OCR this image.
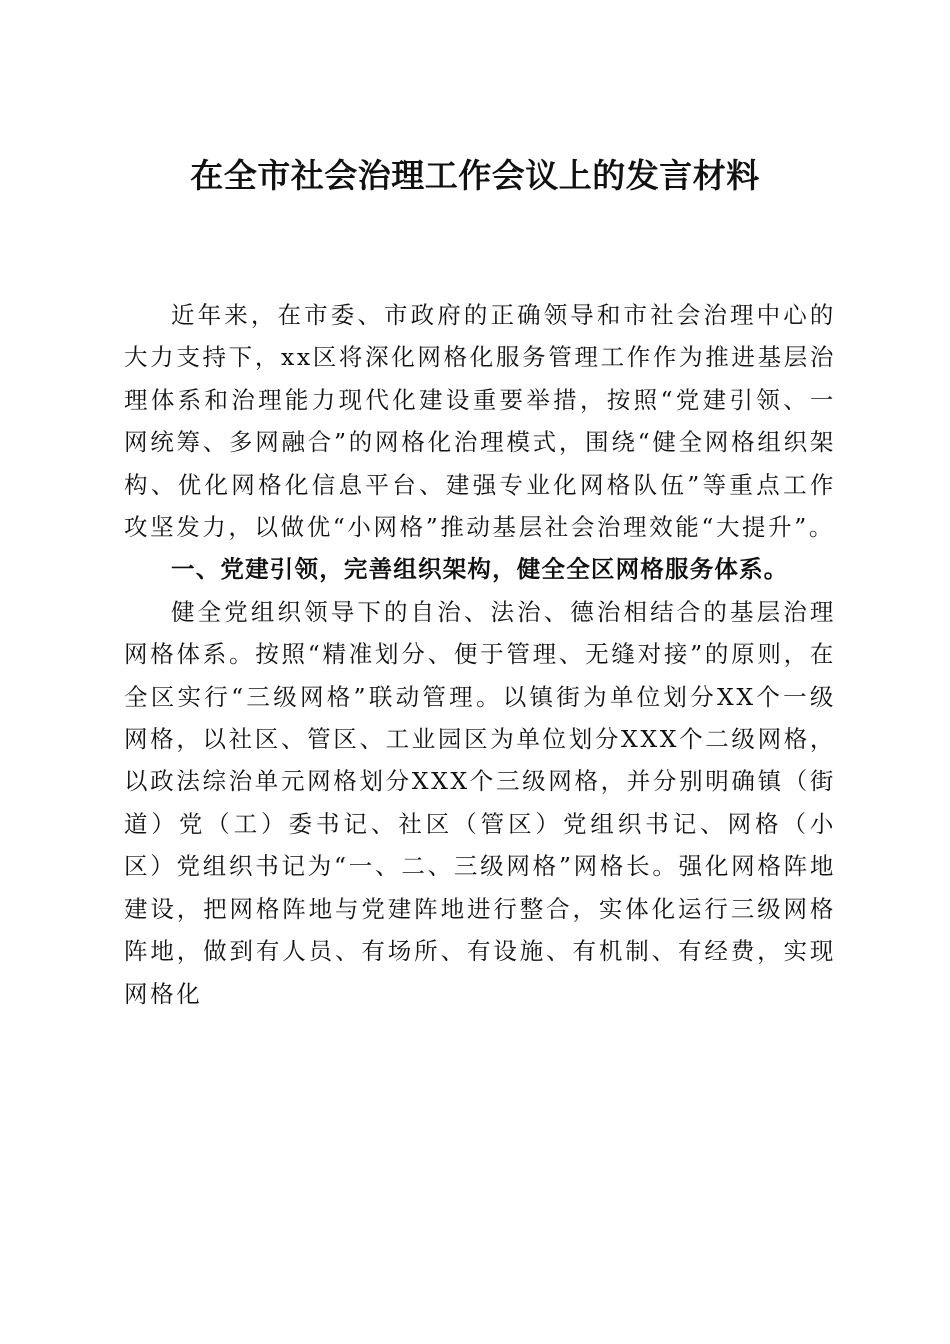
在全市社会治理工作会议上的发言材料

近年来，在市委、市政府的正确领导和市社会治理中心的大力支持下，xx区将深化网格化服务管理工作作为推进基层治理体系和治理能力现代化建设重要举措，按照“党建引领、一网统筹、多网融合”的网格化治理模式，围绕“健全网格组织架构、优化网格化信息平台、建强专业化网格队伍”等重点工作攻坚发力，以做优“小网格”推动基层社会治理效能“大提升”。

一、党建引领，完善组织架构，健全全区网格服务体系。

健全党组织领导下的自治、法治、德治相结合的基层治理网格体系。按照“精准划分、便于管理、无缝对接”的原则，在全区实行“三级网格”联动管理。以镇街为单位划分XX个一级网格，以社区、管区、工业园区为单位划分XXX个二级网格，以政法综治单元网格划分XXX个三级网格，并分别明确镇（街道）党（工）委书记、社区（管区）党组织书记、网格（小区）党组织书记为“一、二、三级网格”网格长。强化网格阵地建设，把网格阵地与党建阵地进行整合，实体化运行三级网格阵地，做到有人员、有场所、有设施、有机制、有经费，实现网格化
